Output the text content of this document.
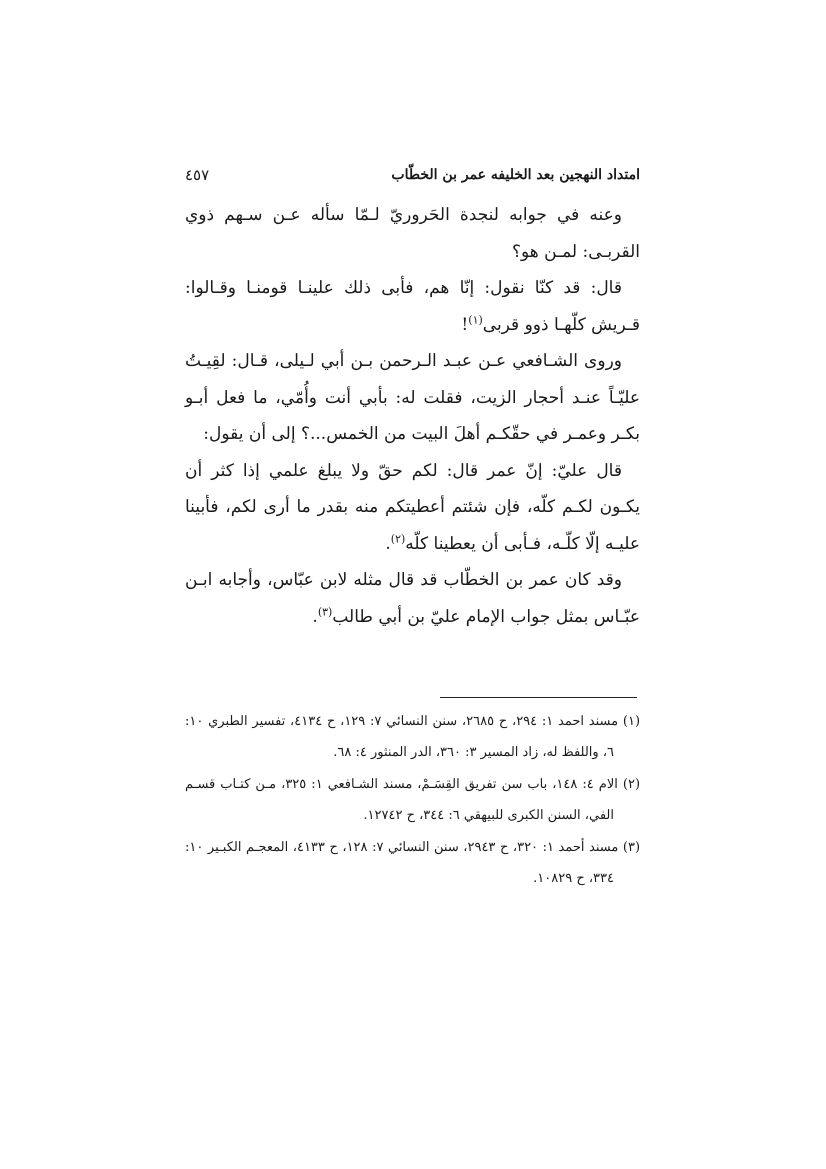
امتداد النهجين بعد الخليفه عمر بن الخطّاب
٤٥٧

وعنه في جوابه لنجدة الحَروريّ لـمّا سأله عـن سـهم ذوي القربـى: لمـن هو؟

قال: قد كنّا نقول: إنّا هم، فأبى ذلك علينـا قومنـا وقـالوا: قـريش كلّهـا ذوو قربى$^{(١)}$!

وروى الشـافعي عـن عبـد الـرحمن بـن أبي لـيلى، قـال: لقِيـتُ عليّـاً عنـد أحجار الزيت، فقلت له: بأبي أنت وأُمّي، ما فعل أبـو بكـر وعمـر في حقّكـم أهلَ البيت من الخمس...؟ إلى أن يقول:

قال عليّ: إنّ عمر قال: لكم حقّ ولا يبلغ علمي إذا كثر أن يكـون لكـم كلّه، فإن شئتم أعطيتكم منه بقدر ما أرى لكم، فأبينا عليـه إلّا كلّـه، فـأبى أن يعطينا كلّه$^{(٢)}$.

وقد كان عمر بن الخطّاب قد قال مثله لابن عبّاس، وأجابه ابـن عبّـاس بمثل جواب الإمام عليّ بن أبي طالب$^{(٣)}$.

(١) مسند احمد ١: ٢٩٤، ح ٢٦٨٥، سنن النسائي ٧: ١٢٩، ح ٤١٣٤، تفسير الطبري ١٠: ٦، واللفظ له، زاد المسير ٣: ٣٦٠، الدر المنثور ٤: ٦٨.

(٢) الام ٤: ١٤٨، باب سن تفريق القِسَـمْ، مسند الشـافعي ١: ٣٢٥، مـن كتـاب قسـم الفي، السنن الكبرى للبيهقي ٦: ٣٤٤، ح ١٢٧٤٢.

(٣) مسند أحمد ١: ٣٢٠، ح ٢٩٤٣، سنن النسائي ٧: ١٢٨، ح ٤١٣٣، المعجـم الكبـير ١٠: ٣٣٤، ح ١٠٨٢٩.
